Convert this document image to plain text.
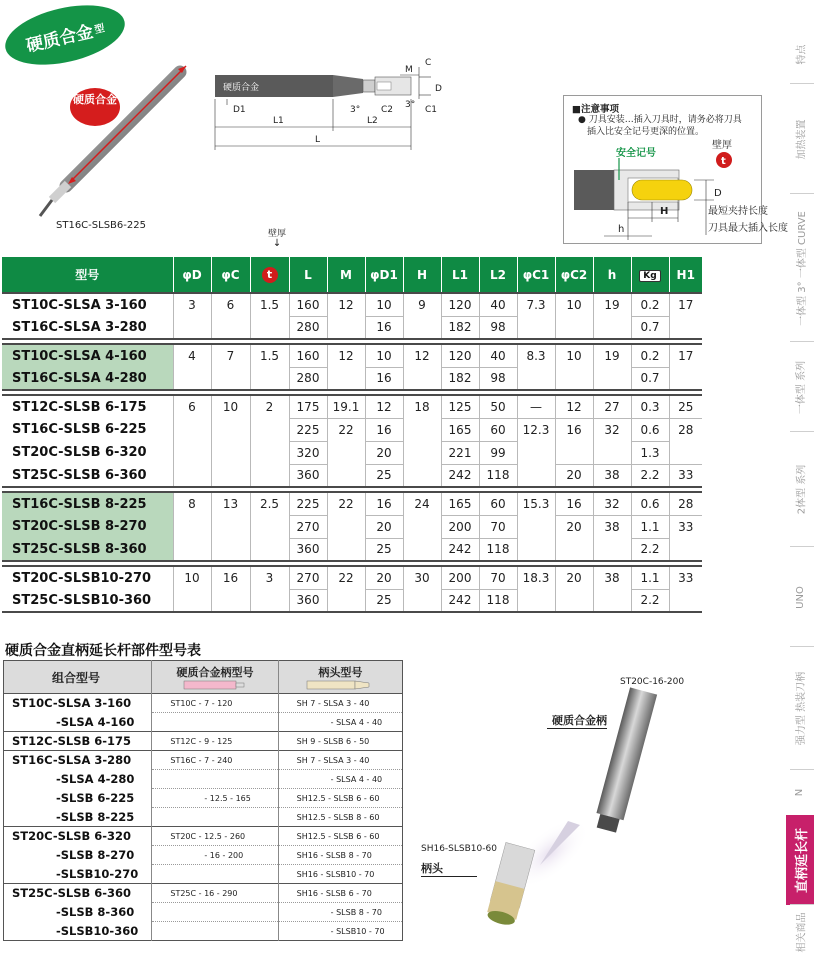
硬质合金
型
硬质合金
ST16C-SLSB6-225
硬质合金
M
C
D
D1	3° C2 3° C1
L1	L2
L
■注意事项
● 刀具安装…插入刀具时，请务必将刀具
插入比安全记号更深的位置。
安全记号
壁厚
t
D
H
h
最短夹持长度
刀具最大插入长度
壁厚
↓
型号	φD	φC	t	L	M	φD1	H	L1	L2	φC1	φC2	h	Kg	H1
ST10C-SLSA 3-160	3	6	1.5	160	12	10	9	120	40	7.3	10	19	0.2	17
ST16C-SLSA 3-280				280		16		182	98				0.7	

ST10C-SLSA 4-160	4	7	1.5	160	12	10	12	120	40	8.3	10	19	0.2	17
ST16C-SLSA 4-280				280		16		182	98				0.7	

ST12C-SLSB 6-175	6	10	2	175	19.1	12	18	125	50	—	12	27	0.3	25
ST16C-SLSB 6-225				225	22	16		165	60	12.3	16	32	0.6	28
ST20C-SLSB 6-320				320		20		221	99				1.3	
ST25C-SLSB 6-360				360		25		242	118		20	38	2.2	33

ST16C-SLSB 8-225	8	13	2.5	225	22	16	24	165	60	15.3	16	32	0.6	28
ST20C-SLSB 8-270				270		20		200	70		20	38	1.1	33
ST25C-SLSB 8-360				360		25		242	118				2.2	

ST20C-SLSB10-270	10	16	3	270	22	20	30	200	70	18.3	20	38	1.1	33
ST25C-SLSB10-360				360		25		242	118				2.2	
特点
加热装置
一体型 3° 一体型 CURVE
一体型 系列
2体型 系列
UNO
强力型 热装刀柄
N
直柄延长杆
相关商品
硬质合金直柄延长杆部件型号表
组合型号	硬质合金柄型号	柄头型号

ST10C-SLSA 3-160	ST10C - 7 - 120	SH 7 - SLSA 3 - 40
-SLSA 4-160		- SLSA 4 - 40
ST12C-SLSB 6-175	ST12C - 9 - 125	SH 9 - SLSB 6 - 50
ST16C-SLSA 3-280	ST16C - 7 - 240	SH 7 - SLSA 3 - 40
-SLSA 4-280		- SLSA 4 - 40
-SLSB 6-225	- 12.5 - 165	SH12.5 - SLSB 6 - 60
-SLSB 8-225		SH12.5 - SLSB 8 - 60
ST20C-SLSB 6-320	ST20C - 12.5 - 260	SH12.5 - SLSB 6 - 60
-SLSB 8-270	- 16 - 200	SH16 - SLSB 8 - 70
-SLSB10-270		SH16 - SLSB10 - 70
ST25C-SLSB 6-360	ST25C - 16 - 290	SH16 - SLSB 6 - 70
-SLSB 8-360		- SLSB 8 - 70
-SLSB10-360		- SLSB10 - 70
ST20C-16-200
硬质合金柄
SH16-SLSB10-60
柄头
